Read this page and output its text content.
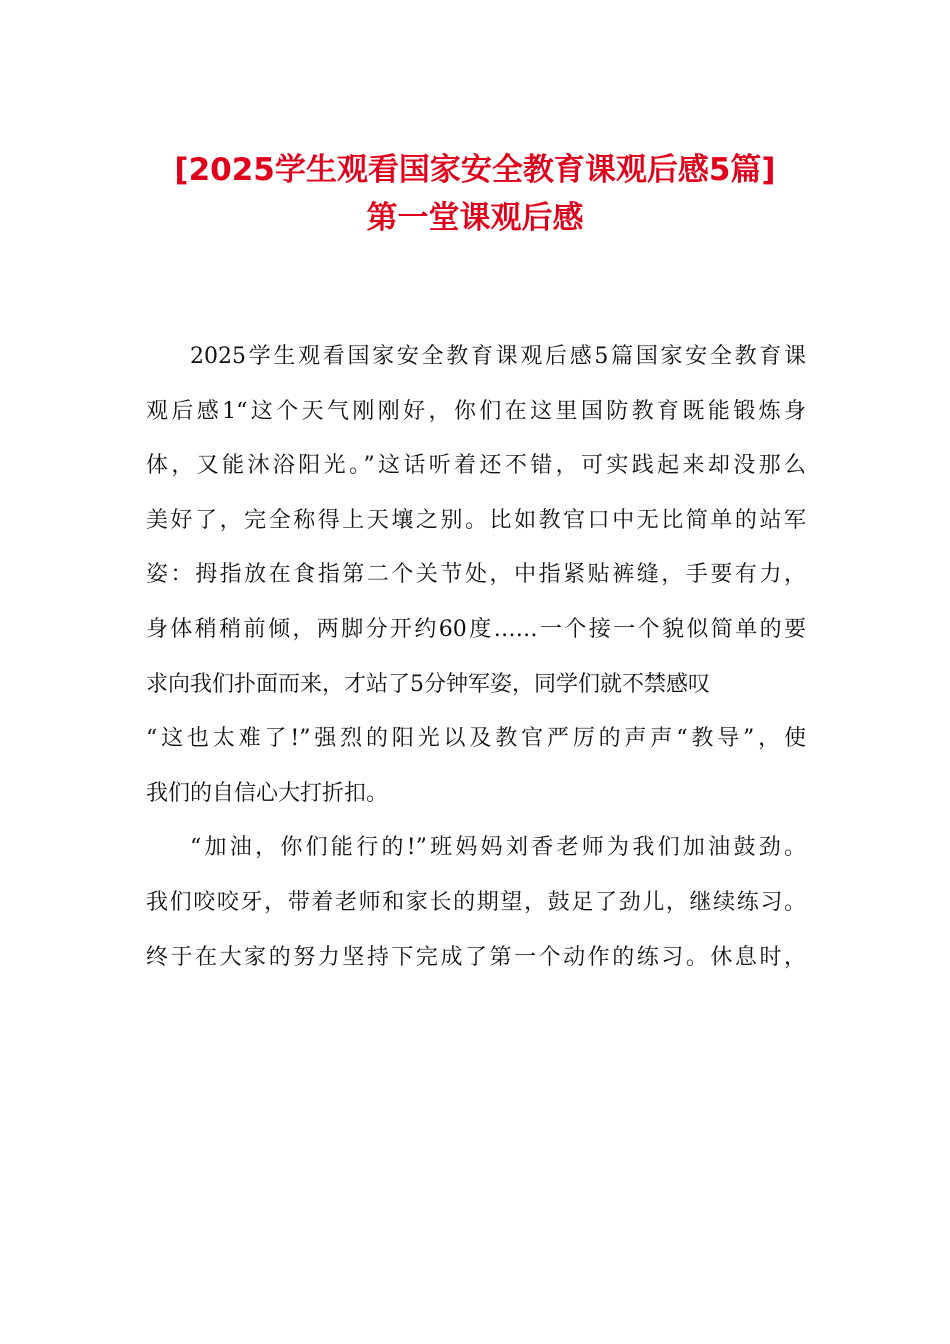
[2025学生观看国家安全教育课观后感5篇]
第一堂课观后感
2025学生观看国家安全教育课观后感5篇国家安全教育课
观后感1“这个天气刚刚好，你们在这里国防教育既能锻炼身
体，又能沐浴阳光。”这话听着还不错，可实践起来却没那么
美好了，完全称得上天壤之别。比如教官口中无比简单的站军
姿：拇指放在食指第二个关节处，中指紧贴裤缝，手要有力，
身体稍稍前倾，两脚分开约60度……一个接一个貌似简单的要
求向我们扑面而来，才站了5分钟军姿，同学们就不禁感叹
“这也太难了!”强烈的阳光以及教官严厉的声声“教导”，使
我们的自信心大打折扣。
“加油，你们能行的!”班妈妈刘香老师为我们加油鼓劲。
我们咬咬牙，带着老师和家长的期望，鼓足了劲儿，继续练习。
终于在大家的努力坚持下完成了第一个动作的练习。休息时，
